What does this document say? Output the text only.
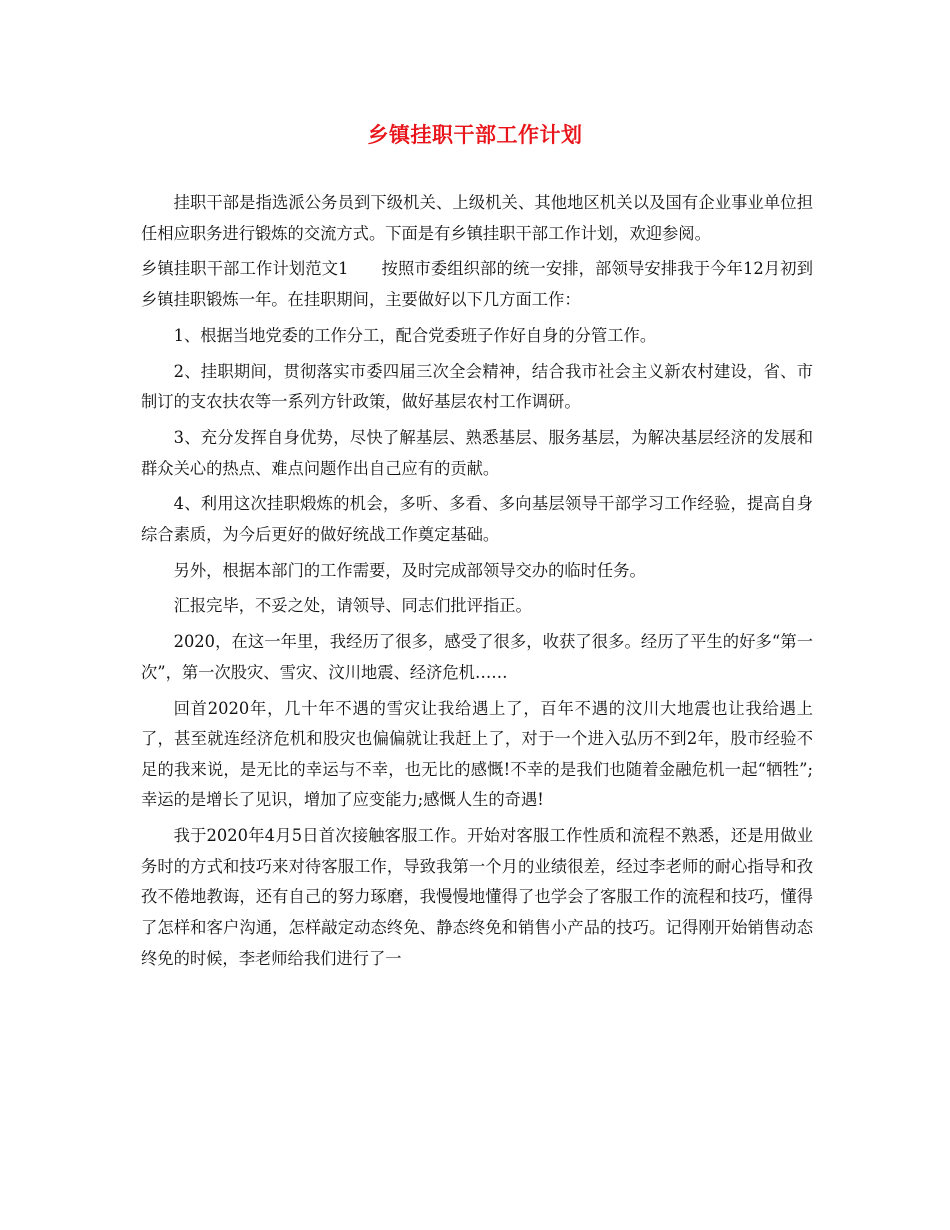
乡镇挂职干部工作计划

挂职干部是指选派公务员到下级机关、上级机关、其他地区机关以及国有企业事业单位担任相应职务进行锻炼的交流方式。下面是有乡镇挂职干部工作计划，欢迎参阅。

乡镇挂职干部工作计划范文1　　按照市委组织部的统一安排，部领导安排我于今年12月初到乡镇挂职锻炼一年。在挂职期间，主要做好以下几方面工作：

1、根据当地党委的工作分工，配合党委班子作好自身的分管工作。

2、挂职期间，贯彻落实市委四届三次全会精神，结合我市社会主义新农村建设，省、市制订的支农扶农等一系列方针政策，做好基层农村工作调研。

3、充分发挥自身优势，尽快了解基层、熟悉基层、服务基层，为解决基层经济的发展和群众关心的热点、难点问题作出自己应有的贡献。

4、利用这次挂职煅炼的机会，多听、多看、多向基层领导干部学习工作经验，提高自身综合素质，为今后更好的做好统战工作奠定基础。

另外，根据本部门的工作需要，及时完成部领导交办的临时任务。

汇报完毕，不妥之处，请领导、同志们批评指正。

2020，在这一年里，我经历了很多，感受了很多，收获了很多。经历了平生的好多“第一次”，第一次股灾、雪灾、汶川地震、经济危机……

回首2020年，几十年不遇的雪灾让我给遇上了，百年不遇的汶川大地震也让我给遇上了，甚至就连经济危机和股灾也偏偏就让我赶上了，对于一个进入弘历不到2年，股市经验不足的我来说，是无比的幸运与不幸，也无比的感慨!不幸的是我们也随着金融危机一起“牺牲”;幸运的是增长了见识，增加了应变能力;感慨人生的奇遇!

我于2020年4月5日首次接触客服工作。开始对客服工作性质和流程不熟悉，还是用做业务时的方式和技巧来对待客服工作，导致我第一个月的业绩很差，经过李老师的耐心指导和孜孜不倦地教诲，还有自己的努力琢磨，我慢慢地懂得了也学会了客服工作的流程和技巧，懂得了怎样和客户沟通，怎样敲定动态终免、静态终免和销售小产品的技巧。记得刚开始销售动态终免的时候，李老师给我们进行了一
